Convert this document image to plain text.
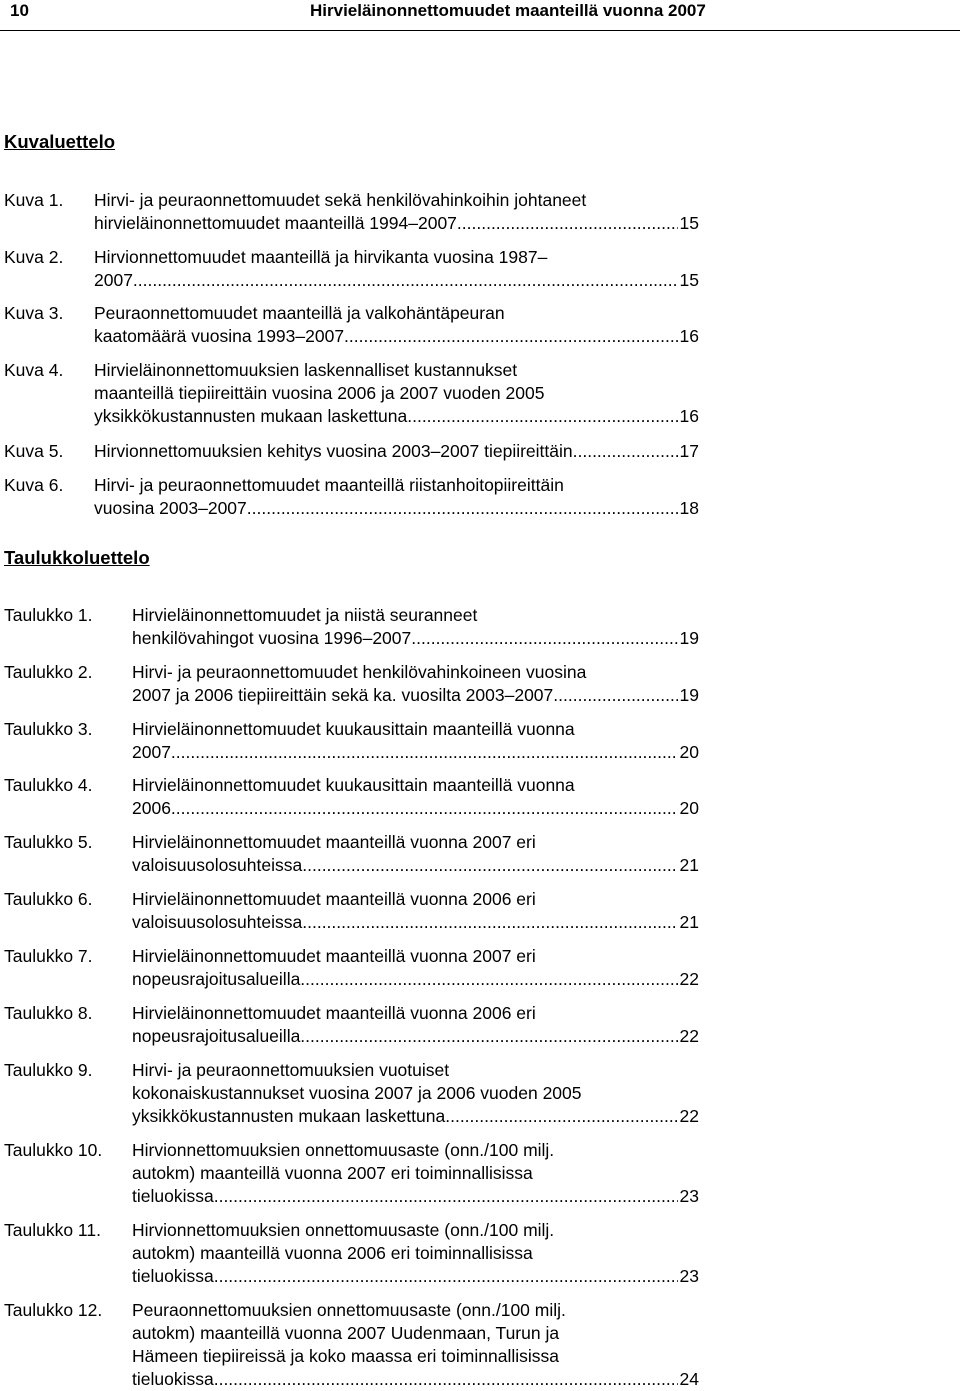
10	Hirvieläinonnettomuudet maanteillä vuonna 2007
Kuvaluettelo
Kuva 1. Hirvi- ja peuraonnettomuudet sekä henkilövahinkoihin johtaneet
hirvieläinonnettomuudet maanteillä 1994–2007. .....	15
Kuva 2. Hirvionnettomuudet maanteillä ja hirvikanta vuosina 1987–
2007. .....	15
Kuva 3. Peuraonnettomuudet maanteillä ja valkohäntäpeuran
kaatomäärä vuosina 1993–2007. .....	16
Kuva 4. Hirvieläinonnettomuuksien laskennalliset kustannukset
maanteillä tiepiireittäin vuosina 2006 ja 2007 vuoden 2005
yksikkökustannusten mukaan laskettuna. .....	16
Kuva 5. Hirvionnettomuuksien kehitys vuosina 2003–2007 tiepiireittäin. .....	17
Kuva 6. Hirvi- ja peuraonnettomuudet maanteillä riistanhoitopiireittäin
vuosina 2003–2007. .....	18
Taulukkoluettelo
Taulukko 1. Hirvieläinonnettomuudet ja niistä seuranneet
henkilövahingot vuosina 1996–2007. .....	19
Taulukko 2. Hirvi- ja peuraonnettomuudet henkilövahinkoineen vuosina
2007 ja 2006 tiepiireittäin sekä ka. vuosilta 2003–2007. .....	19
Taulukko 3. Hirvieläinonnettomuudet kuukausittain maanteillä vuonna
2007. .....	20
Taulukko 4. Hirvieläinonnettomuudet kuukausittain maanteillä vuonna
2006. .....	20
Taulukko 5. Hirvieläinonnettomuudet maanteillä vuonna 2007 eri
valoisuusolosuhteissa. .....	21
Taulukko 6. Hirvieläinonnettomuudet maanteillä vuonna 2006 eri
valoisuusolosuhteissa. .....	21
Taulukko 7. Hirvieläinonnettomuudet maanteillä vuonna 2007 eri
nopeusrajoitusalueilla. .....	22
Taulukko 8. Hirvieläinonnettomuudet maanteillä vuonna 2006 eri
nopeusrajoitusalueilla. .....	22
Taulukko 9. Hirvi- ja peuraonnettomuuksien vuotuiset
kokonaiskustannukset vuosina 2007 ja 2006 vuoden 2005
yksikkökustannusten mukaan laskettuna. .....	22
Taulukko 10. Hirvionnettomuuksien onnettomuusaste (onn./100 milj.
autokm) maanteillä vuonna 2007 eri toiminnallisissa
tieluokissa. .....	23
Taulukko 11. Hirvionnettomuuksien onnettomuusaste (onn./100 milj.
autokm) maanteillä vuonna 2006 eri toiminnallisissa
tieluokissa. .....	23
Taulukko 12. Peuraonnettomuuksien onnettomuusaste (onn./100 milj.
autokm) maanteillä vuonna 2007 Uudenmaan, Turun ja
Hämeen tiepiireissä ja koko maassa eri toiminnallisissa
tieluokissa. .....	24
